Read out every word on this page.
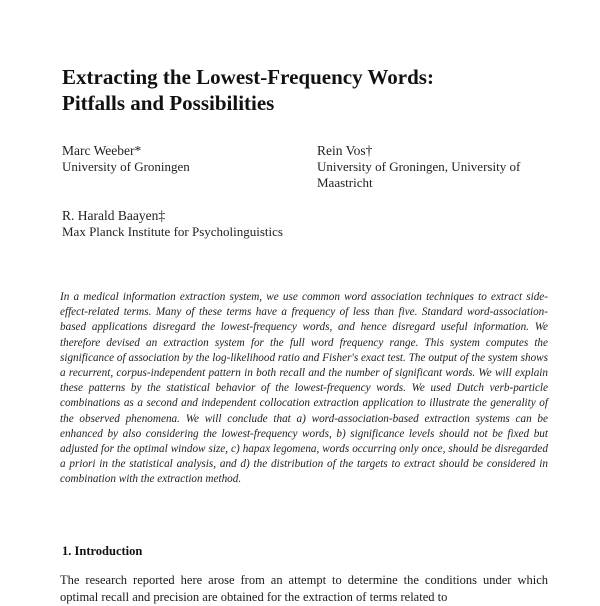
Extracting the Lowest-Frequency Words:
Pitfalls and Possibilities
Marc Weeber*
University of Groningen
Rein Vos†
University of Groningen, University of Maastricht
R. Harald Baayen‡
Max Planck Institute for Psycholinguistics

In a medical information extraction system, we use common word association techniques to extract side-effect-related terms. Many of these terms have a frequency of less than five. Standard word-association-based applications disregard the lowest-frequency words, and hence disregard useful information. We therefore devised an extraction system for the full word frequency range. This system computes the significance of association by the log-likelihood ratio and Fisher's exact test. The output of the system shows a recurrent, corpus-independent pattern in both recall and the number of significant words. We will explain these patterns by the statistical behavior of the lowest-frequency words. We used Dutch verb-particle combinations as a second and independent collocation extraction application to illustrate the generality of the observed phenomena. We will conclude that a) word-association-based extraction systems can be enhanced by also considering the lowest-frequency words, b) significance levels should not be fixed but adjusted for the optimal window size, c) hapax legomena, words occurring only once, should be disregarded a priori in the statistical analysis, and d) the distribution of the targets to extract should be considered in combination with the extraction method.

1. Introduction

The research reported here arose from an attempt to determine the conditions under which optimal recall and precision are obtained for the extraction of terms related to
